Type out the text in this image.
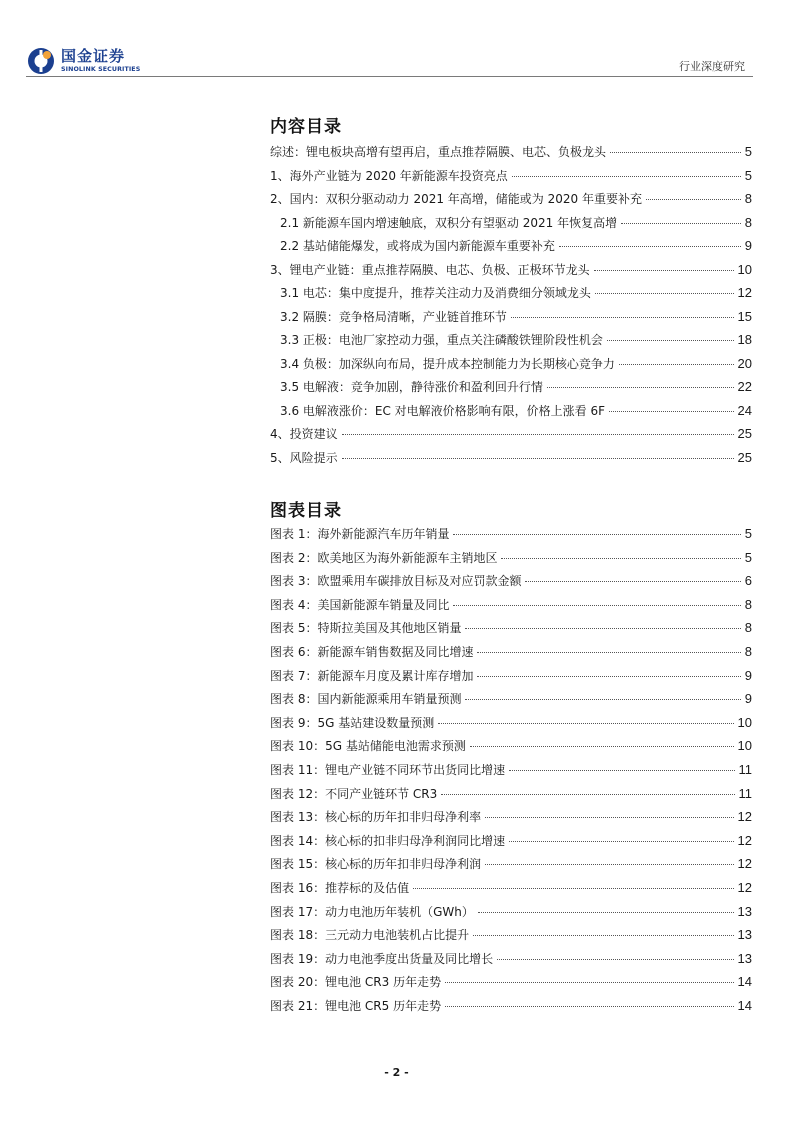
国金证券
SINOLINK SECURITIES	行业深度研究
内容目录
综述：锂电板块高增有望再启，重点推荐隔膜、电芯、负极龙头	5
1、海外产业链为 2020 年新能源车投资亮点	5
2、国内：双积分驱动动力 2021 年高增，储能或为 2020 年重要补充	8
2.1 新能源车国内增速触底，双积分有望驱动 2021 年恢复高增	8
2.2 基站储能爆发，或将成为国内新能源车重要补充	9
3、锂电产业链：重点推荐隔膜、电芯、负极、正极环节龙头	10
3.1 电芯：集中度提升，推荐关注动力及消费细分领域龙头	12
3.2 隔膜：竞争格局清晰，产业链首推环节	15
3.3 正极：电池厂家控动力强，重点关注磷酸铁锂阶段性机会	18
3.4 负极：加深纵向布局，提升成本控制能力为长期核心竞争力	20
3.5 电解液：竞争加剧，静待涨价和盈利回升行情	22
3.6 电解液涨价：EC 对电解液价格影响有限，价格上涨看 6F	24
4、投资建议	25
5、风险提示	25
图表目录
图表 1：海外新能源汽车历年销量	5
图表 2：欧美地区为海外新能源车主销地区	5
图表 3：欧盟乘用车碳排放目标及对应罚款金额	6
图表 4：美国新能源车销量及同比	8
图表 5：特斯拉美国及其他地区销量	8
图表 6：新能源车销售数据及同比增速	8
图表 7：新能源车月度及累计库存增加	9
图表 8：国内新能源乘用车销量预测	9
图表 9：5G 基站建设数量预测	10
图表 10：5G 基站储能电池需求预测	10
图表 11：锂电产业链不同环节出货同比增速	11
图表 12：不同产业链环节 CR3	11
图表 13：核心标的历年扣非归母净利率	12
图表 14：核心标的扣非归母净利润同比增速	12
图表 15：核心标的历年扣非归母净利润	12
图表 16：推荐标的及估值	12
图表 17：动力电池历年装机（GWh）	13
图表 18：三元动力电池装机占比提升	13
图表 19：动力电池季度出货量及同比增长	13
图表 20：锂电池 CR3 历年走势	14
图表 21：锂电池 CR5 历年走势	14
- 2 -
